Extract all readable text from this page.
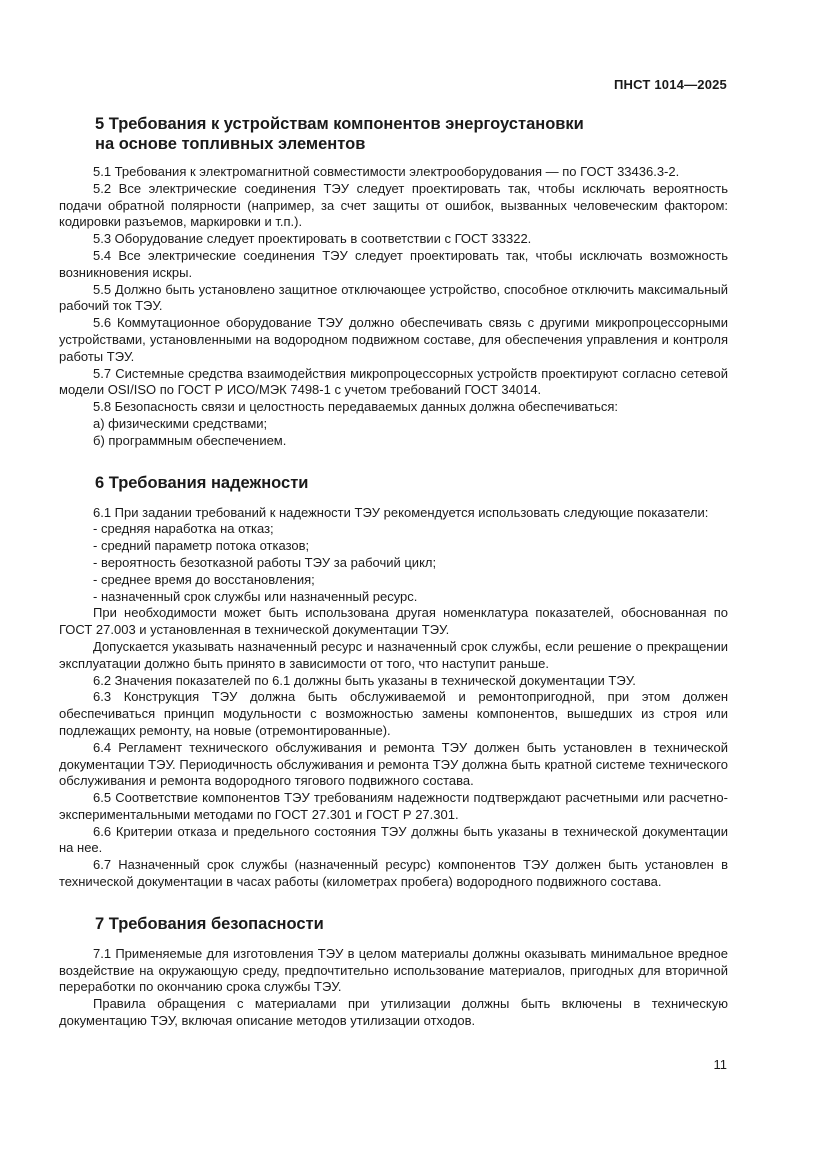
ПНСТ 1014—2025
5 Требования к устройствам компонентов энергоустановки
на основе топливных элементов

5.1 Требования к электромагнитной совместимости электрооборудования — по ГОСТ 33436.3-2.

5.2 Все электрические соединения ТЭУ следует проектировать так, чтобы исключать вероятность подачи обратной полярности (например, за счет защиты от ошибок, вызванных человеческим фактором: кодировки разъемов, маркировки и т.п.).

5.3 Оборудование следует проектировать в соответствии с ГОСТ 33322.

5.4 Все электрические соединения ТЭУ следует проектировать так, чтобы исключать возможность возникновения искры.

5.5 Должно быть установлено защитное отключающее устройство, способное отключить максимальный рабочий ток ТЭУ.

5.6 Коммутационное оборудование ТЭУ должно обеспечивать связь с другими микропроцессорными устройствами, установленными на водородном подвижном составе, для обеспечения управления и контроля работы ТЭУ.

5.7 Системные средства взаимодействия микропроцессорных устройств проектируют согласно сетевой модели OSI/ISO по ГОСТ Р ИСО/МЭК 7498-1 с учетом требований ГОСТ 34014.

5.8 Безопасность связи и целостность передаваемых данных должна обеспечиваться:

а) физическими средствами;

б) программным обеспечением.

6 Требования надежности

6.1 При задании требований к надежности ТЭУ рекомендуется использовать следующие показатели:

- средняя наработка на отказ;

- средний параметр потока отказов;

- вероятность безотказной работы ТЭУ за рабочий цикл;

- среднее время до восстановления;

- назначенный срок службы или назначенный ресурс.

При необходимости может быть использована другая номенклатура показателей, обоснованная по ГОСТ 27.003 и установленная в технической документации ТЭУ.

Допускается указывать назначенный ресурс и назначенный срок службы, если решение о прекращении эксплуатации должно быть принято в зависимости от того, что наступит раньше.

6.2 Значения показателей по 6.1 должны быть указаны в технической документации ТЭУ.

6.3 Конструкция ТЭУ должна быть обслуживаемой и ремонтопригодной, при этом должен обеспечиваться принцип модульности с возможностью замены компонентов, вышедших из строя или подлежащих ремонту, на новые (отремонтированные).

6.4 Регламент технического обслуживания и ремонта ТЭУ должен быть установлен в технической документации ТЭУ. Периодичность обслуживания и ремонта ТЭУ должна быть кратной системе технического обслуживания и ремонта водородного тягового подвижного состава.

6.5 Соответствие компонентов ТЭУ требованиям надежности подтверждают расчетными или расчетно-экспериментальными методами по ГОСТ 27.301 и ГОСТ Р 27.301.

6.6 Критерии отказа и предельного состояния ТЭУ должны быть указаны в технической документации на нее.

6.7 Назначенный срок службы (назначенный ресурс) компонентов ТЭУ должен быть установлен в технической документации в часах работы (километрах пробега) водородного подвижного состава.

7 Требования безопасности

7.1 Применяемые для изготовления ТЭУ в целом материалы должны оказывать минимальное вредное воздействие на окружающую среду, предпочтительно использование материалов, пригодных для вторичной переработки по окончанию срока службы ТЭУ.

Правила обращения с материалами при утилизации должны быть включены в техническую документацию ТЭУ, включая описание методов утилизации отходов.

11
